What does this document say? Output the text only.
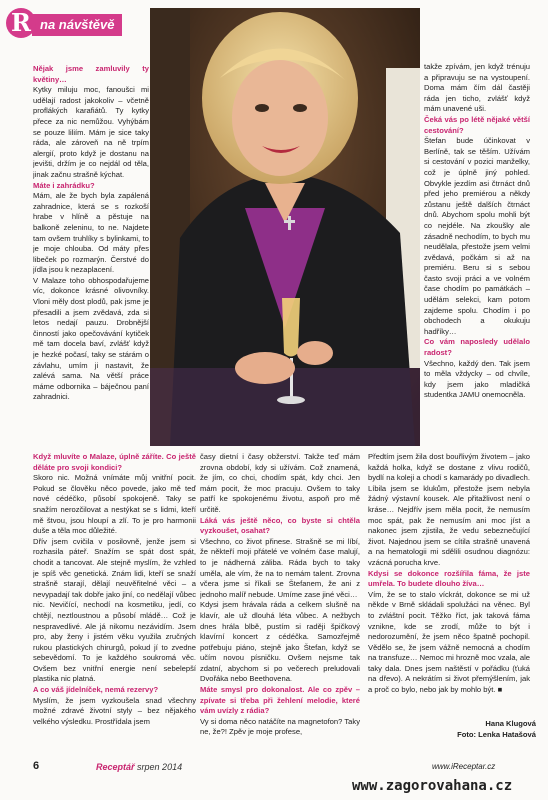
na návštěvě
R

Nějak jsme zamluvily ty květiny…

Kytky miluju moc, fanoušci mi udělají radost jakokoliv – včetně proflákých karafiátů. Ty kytky přece za nic nemůžou. Vyhýbám se pouze liliím. Mám je sice taky ráda, ale zároveň na ně trpím alergií, proto když je dostanu na jevišti, držím je co nejdál od těla, jinak začnu strašně kýchat.

Máte i zahrádku?

Mám, ale že bych byla zapálená zahradnice, která se s rozkoší hrabe v hlíně a pěstuje na balkoně zeleninu, to ne. Najdete tam ovšem truhlíky s bylinkami, to je moje chlouba. Od máty přes libeček po rozmarýn. Čerstvé do jídla jsou k nezaplacení.

V Malaze toho obhospodařujeme víc, dokonce krásné olivovníky. Vloni měly dost plodů, pak jsme je přesadili a jsem zvědavá, zda si letos nedají pauzu. Drobnější činností jako opečovávání kytiček mě tam docela baví, zvlášť když je hezké počasí, taky se stárám o závlahu, umím ji nastavit, že zalévá sama. Na větší práce máme odbornika – báječnou paní zahradnici.

takže zpívám, jen když trénuju a připravuju se na vystoupení. Doma mám čím dál častěji ráda jen ticho, zvlášť když mám unavené uši.

Čeká vás po létě nějaké větší cestování?

Štefan bude účinkovat v Berlíně, tak se těším. Užívám si cestování v pozici manželky, což je úplně jiný pohled. Obvykle jezdím asi čtrnáct dnů před jeho premiérou a někdy zůstanu ještě dalších čtrnáct dnů. Abychom spolu mohli být co nejdéle. Na zkoušky ale zásadně nechodím, to bych mu neudělala, přestože jsem velmi zvědavá, počkám si až na premiéru. Beru si s sebou často svoji práci a ve volném čase chodím po památkách – udělám selekci, kam potom zajdeme spolu. Chodím i po obchodech a okukuju hadříky…

Co vám naposledy udělalo radost?

Všechno, každý den. Tak jsem to měla vždycky – od chvíle, kdy jsem jako mladičká studentka JAMU onemocněla.

Když mluvíte o Malaze, úplně záříte. Co ještě děláte pro svoji kondici?

Skoro nic. Možná vnímáte můj vnitřní pocit. Pokud se člověku něco povede, jako mě teď nové cédéčko, působí spokojeně. Taky se snažím nerozčilovat a nestýkat se s lidmi, kteří mě štvou, jsou hloupí a zlí. To je pro harmonii duše a těla moc důležité.

Dřív jsem cvičila v posilovně, jenže jsem si rozhasila páteř. Snažím se spát dost spát, chodit a tancovat. Ale stejně myslím, že vzhled je spíš věc genetická. Znám lidi, kteří se snaží strašně starají, dělají neuvěřitelné věci – a nevypadají tak dobře jako jiní, co nedělají vůbec nic. Nevičící, nechodí na kosmetiku, jedí, co chtějí, neztloustnou a působí mládě… Což je nespravedlivé. Ale já nikomu nezávidím. Jsem pro, aby ženy i jistém věku využila zručných rukou plastických chirurgů, pokud jí to zvedne sebevědomí. To je každého soukromá věc. Ovšem bez vnitřní energie není sebelepší plastika nic platná.

A co váš jídelníček, nemá rezervy?

Myslím, že jsem vyzkoušela snad všechny možné zdravé životní styly – bez nějakého velkého výsledku. Prostřídala jsem

časy dietní i časy obžerství. Takže teď mám zrovna období, kdy si užívám. Což znamená, že jím, co chci, chodím spát, kdy chci. Jen mám pocit, že moc pracuju. Ovšem to taky patří ke spokojenému životu, aspoň pro mě určitě.

Láká vás ještě něco, co byste si chtěla vyzkoušet, osahat?

Všechno, co život přinese. Strašně se mi líbí, že někteří moji přátelé ve volném čase malují, to je nádherná záliba. Ráda bych to taky uměla, ale vím, že na to nemám talent. Zrovna včera jsme si říkali se Štefanem, že ani z jednoho malíř nebude. Umíme zase jiné věci…

Kdysi jsem hrávala ráda a celkem slušně na klavír, ale už dlouhá léta vůbec. A nežbych dnes hrála blbě, pustím si raději špičkový klavírní koncert z cédéčka. Samozřejmě potřebuju piáno, stejně jako Štefan, když se učím novou písničku. Ovšem nejsme tak zdatní, abychom si po večerech preludovali Dvořáka nebo Beethovena.

Máte smysl pro dokonalost. Ale co zpěv – zpívate si třeba při žehlení melodie, které vám uvízly z rádia?

Vy si doma něco natáčíte na magnetofon? Taky ne, že?! Zpěv je moje profese,

Předtím jsem žila dost bouřlivým životem – jako každá holka, když se dostane z vlivu rodičů, bydlí na koleji a chodí s kamarády po divadlech. Líbila jsem se klukům, přestože jsem nebyla žádný výstavní kousek. Ale přitažlivost není o kráse… Nejdřív jsem měla pocit, že nemusím moc spát, pak že nemusím ani moc jíst a nakonec jsem zjistila, že vedu sebeznečující život. Najednou jsem se cítila strašně unavená a na hematologii mi sdělili osudnou diagnózu: vzácná porucha krve.

Kdysi se dokonce rozšířila fáma, že jste umřela. To budete dlouho žíva…

Vím, že se to stalo víckrát, dokonce se mi už někde v Brně skládali spolužáci na věnec. Byl to zvláštní pocit. Těžko říct, jak taková fáma vznikne, kde se zrodí, může to být i nedorozumění, že jsem něco špatně pochopil. Vědělo se, že jsem vážně nemocná a chodím na transfuze… Nemoc mi hrozně moc vzala, ale taky dala. Dnes jsem naštěstí v pořádku (ťuká na dřevo). A nekrátím si život přemýšlením, jak a proč co bylo, nebo jak by mohlo být. ■

Hana Klugová
Foto: Lenka Hatašová
6	Receptář srpen 2014	www.iReceptar.cz
www.zagorovahana.cz
